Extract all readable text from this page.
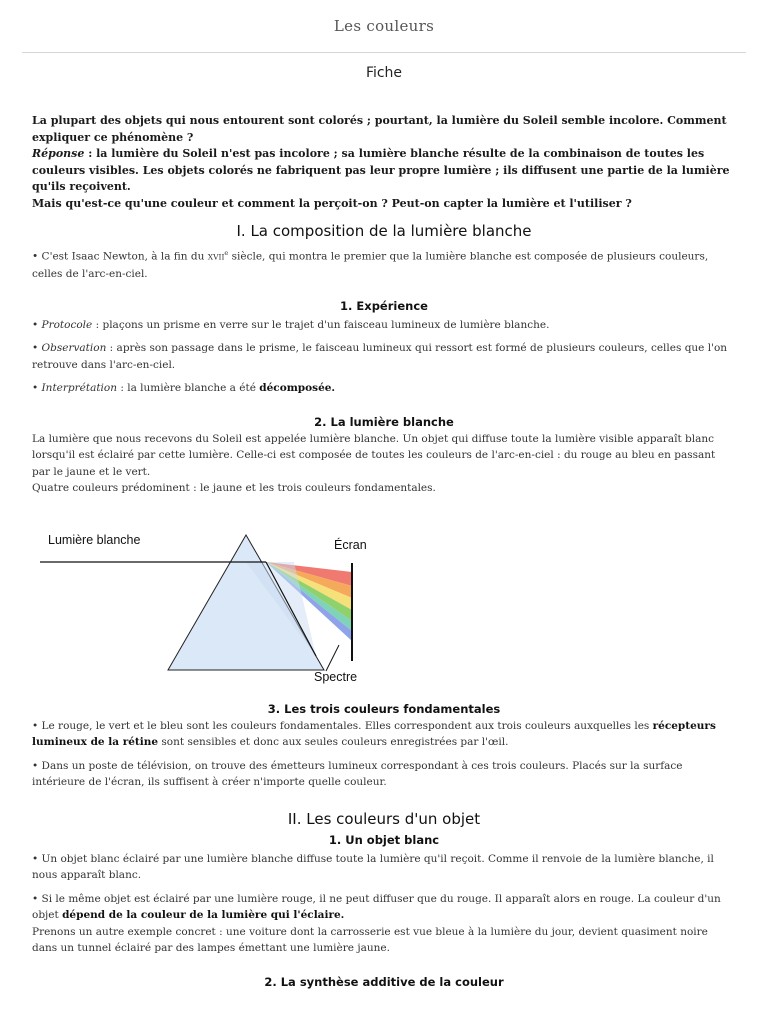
Les couleurs
Fiche

La plupart des objets qui nous entourent sont colorés ; pourtant, la lumière du Soleil semble incolore. Comment expliquer ce phénomène ?

Réponse : la lumière du Soleil n'est pas incolore ; sa lumière blanche résulte de la combinaison de toutes les couleurs visibles. Les objets colorés ne fabriquent pas leur propre lumière ; ils diffusent une partie de la lumière qu'ils reçoivent.

Mais qu'est-ce qu'une couleur et comment la perçoit-on ? Peut-on capter la lumière et l'utiliser ?

I. La composition de la lumière blanche

• C'est Isaac Newton, à la fin du XVIIe siècle, qui montra le premier que la lumière blanche est composée de plusieurs couleurs, celles de l'arc-en-ciel.

1. Expérience

• Protocole : plaçons un prisme en verre sur le trajet d'un faisceau lumineux de lumière blanche.

• Observation : après son passage dans le prisme, le faisceau lumineux qui ressort est formé de plusieurs couleurs, celles que l'on retrouve dans l'arc-en-ciel.

• Interprétation : la lumière blanche a été décomposée.

2. La lumière blanche

La lumière que nous recevons du Soleil est appelée lumière blanche. Un objet qui diffuse toute la lumière visible apparaît blanc lorsqu'il est éclairé par cette lumière. Celle-ci est composée de toutes les couleurs de l'arc-en-ciel : du rouge au bleu en passant par le jaune et le vert.

Quatre couleurs prédominent : le jaune et les trois couleurs fondamentales.

Lumière blanche	Écran
Spectre
3. Les trois couleurs fondamentales

• Le rouge, le vert et le bleu sont les couleurs fondamentales. Elles correspondent aux trois couleurs auxquelles les récepteurs lumineux de la rétine sont sensibles et donc aux seules couleurs enregistrées par l'œil.

• Dans un poste de télévision, on trouve des émetteurs lumineux correspondant à ces trois couleurs. Placés sur la surface intérieure de l'écran, ils suffisent à créer n'importe quelle couleur.

II. Les couleurs d'un objet
1. Un objet blanc

• Un objet blanc éclairé par une lumière blanche diffuse toute la lumière qu'il reçoit. Comme il renvoie de la lumière blanche, il nous apparaît blanc.

• Si le même objet est éclairé par une lumière rouge, il ne peut diffuser que du rouge. Il apparaît alors en rouge. La couleur d'un objet dépend de la couleur de la lumière qui l'éclaire.

Prenons un autre exemple concret : une voiture dont la carrosserie est vue bleue à la lumière du jour, devient quasiment noire dans un tunnel éclairé par des lampes émettant une lumière jaune.

2. La synthèse additive de la couleur
